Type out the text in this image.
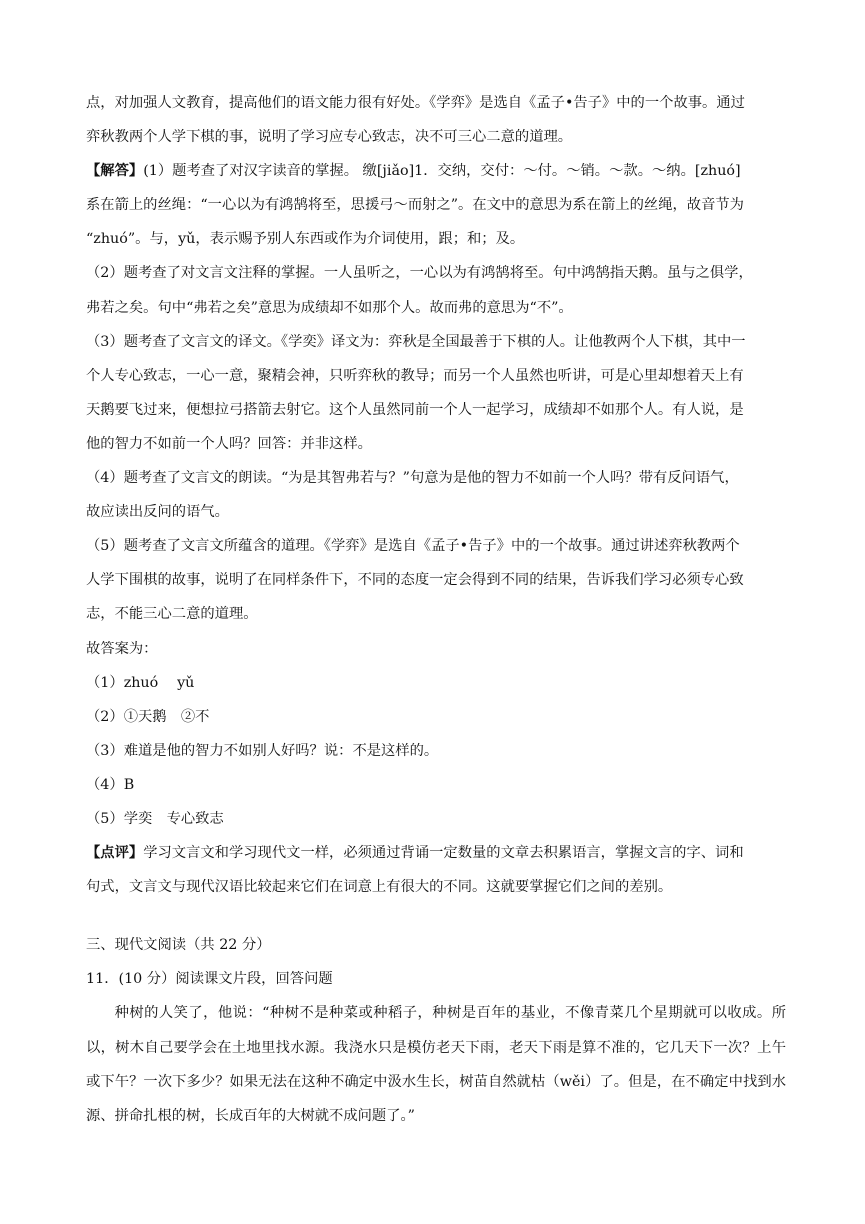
点，对加强人文教育，提高他们的语文能力很有好处。《学弈》是选自《孟子•告子》中的一个故事。通过

弈秋教两个人学下棋的事，说明了学习应专心致志，决不可三心二意的道理。

【解答】(1）题考查了对汉字读音的掌握。 缴[jiǎo]1．交纳，交付：～付。～销。～款。～纳。[zhuó]

系在箭上的丝绳：“一心以为有鸿鹄将至，思援弓～而射之”。在文中的意思为系在箭上的丝绳，故音节为

“zhuó”。与，yǔ，表示赐予别人东西或作为介词使用，跟；和；及。

（2）题考查了对文言文注释的掌握。一人虽听之，一心以为有鸿鹄将至。句中鸿鹄指天鹅。虽与之俱学，

弗若之矣。句中“弗若之矣”意思为成绩却不如那个人。故而弗的意思为“不”。

（3）题考查了文言文的译文。《学奕》译文为：弈秋是全国最善于下棋的人。让他教两个人下棋，其中一

个人专心致志，一心一意，聚精会神，只听弈秋的教导；而另一个人虽然也听讲，可是心里却想着天上有

天鹅要飞过来，便想拉弓搭箭去射它。这个人虽然同前一个人一起学习，成绩却不如那个人。有人说，是

他的智力不如前一个人吗？回答：并非这样。

（4）题考查了文言文的朗读。“为是其智弗若与？”句意为是他的智力不如前一个人吗？带有反问语气，

故应读出反问的语气。

（5）题考查了文言文所蕴含的道理。《学弈》是选自《孟子•告子》中的一个故事。通过讲述弈秋教两个

人学下围棋的故事，说明了在同样条件下，不同的态度一定会得到不同的结果，告诉我们学习必须专心致

志，不能三心二意的道理。

故答案为：

（1）zhuó　 yǔ

（2）①天鹅　②不

（3）难道是他的智力不如别人好吗？说：不是这样的。

（4）B

（5）学奕　专心致志

【点评】学习文言文和学习现代文一样，必须通过背诵一定数量的文章去积累语言，掌握文言的字、词和

句式，文言文与现代汉语比较起来它们在词意上有很大的不同。这就要掌握它们之间的差别。

三、现代文阅读（共 22 分）

11．(10 分）阅读课文片段，回答问题

种树的人笑了，他说：“种树不是种菜或种稻子，种树是百年的基业，不像青菜几个星期就可以收成。所以，树木自己要学会在土地里找水源。我浇水只是模仿老天下雨，老天下雨是算不准的，它几天下一次？上午或下午？一次下多少？如果无法在这种不确定中汲水生长，树苗自然就枯（wěi）了。但是，在不确定中找到水源、拼命扎根的树，长成百年的大树就不成问题了。”
